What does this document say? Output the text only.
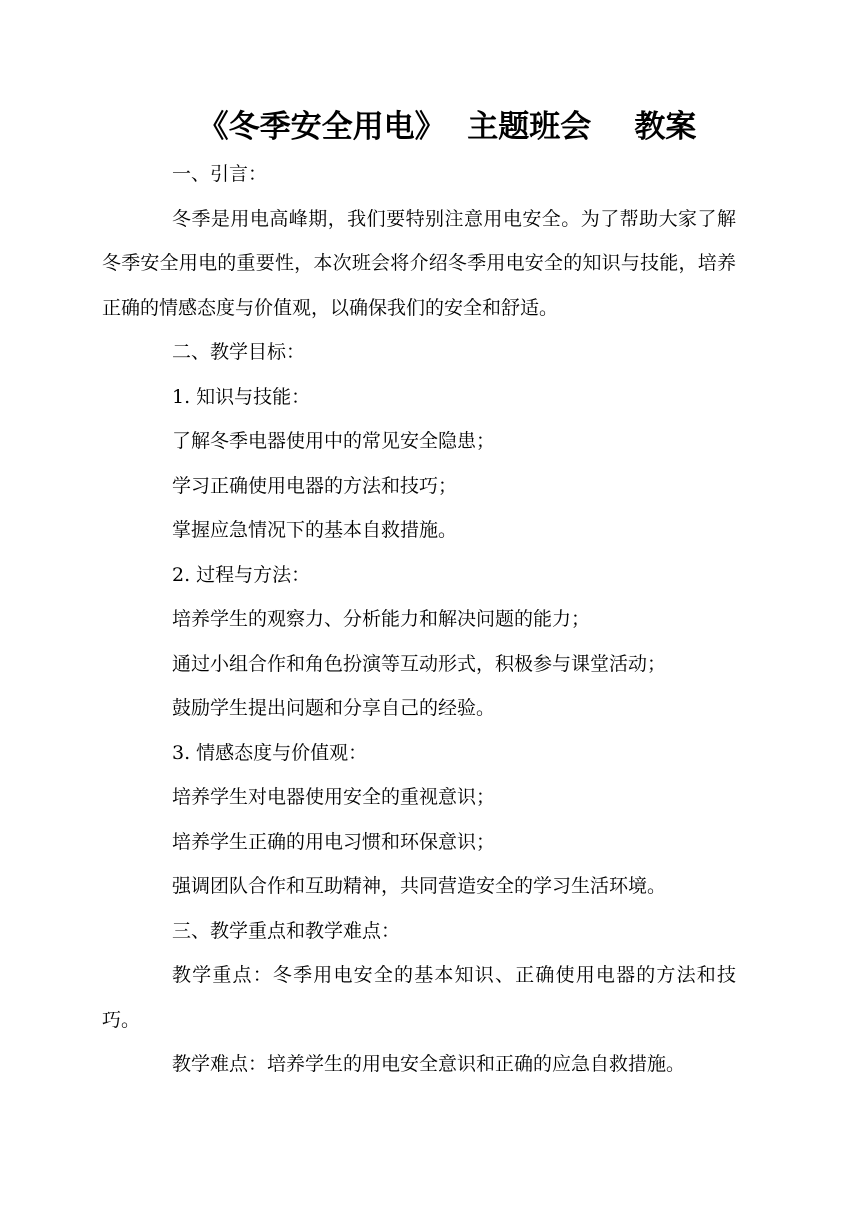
《冬季安全用电》  主题班会    教案

一、引言：

冬季是用电高峰期，我们要特别注意用电安全。为了帮助大家了解冬季安全用电的重要性，本次班会将介绍冬季用电安全的知识与技能，培养正确的情感态度与价值观，以确保我们的安全和舒适。

二、教学目标：

1. 知识与技能：

了解冬季电器使用中的常见安全隐患；

学习正确使用电器的方法和技巧；

掌握应急情况下的基本自救措施。

2. 过程与方法：

培养学生的观察力、分析能力和解决问题的能力；

通过小组合作和角色扮演等互动形式，积极参与课堂活动；

鼓励学生提出问题和分享自己的经验。

3. 情感态度与价值观：

培养学生对电器使用安全的重视意识；

培养学生正确的用电习惯和环保意识；

强调团队合作和互助精神，共同营造安全的学习生活环境。

三、教学重点和教学难点：

教学重点：冬季用电安全的基本知识、正确使用电器的方法和技巧。

教学难点：培养学生的用电安全意识和正确的应急自救措施。
